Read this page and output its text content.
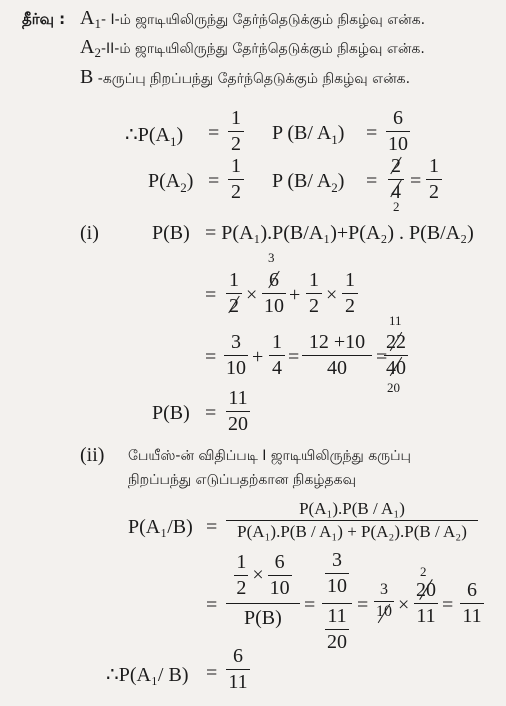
தீர்வு : $A_1-$ I-ம் ஜாடியிலிருந்து தேர்ந்தெடுக்கும் நிகழ்வு என்க.
$A_2-II-ம்$ ஜாடியிலிருந்து தேர்ந்தெடுக்கும் நிகழ்வு என்க.
B -கருப்பு நிறப்பந்து தேர்ந்தெடுக்கும் நிகழ்வு என்க.
$\therefore P(A_1)$ =
1
2 P (B/ $A_1$) =
6
10
$P(A_2)$ =
1
2 P (B/ $A_2$) =
2
4
2
=
1
2
(i)	P(B) = P(A₁).P(B/A₁)+P(A₂) . P(B/A₂)
=
1
2 ×
3
6
10 +
1
2 ×
1
2
=
3
10 +
1
4 =
12 +10
40	=
11
22
40
20
P(B) =
11
20
(ii) பேயீஸ்-ன் விதிப்படி I ஜாடியிலிருந்து கருப்பு
நிறப்பந்து எடுப்பதற்கான நிகழ்தகவு
P(A₁/B) =
P(A₁).P(B / A₁)
P(A₁).P(B / A₁) + P(A₂).P(B / A₂)
=
$\frac{1}{2} \times \frac{6}{10}$
P(B)
=
$\frac{3}{10}$
$\frac{11}{20}$
=
3
10 ×
2
20
11 =
6
11
∴P(A₁/ B) =
6
11
